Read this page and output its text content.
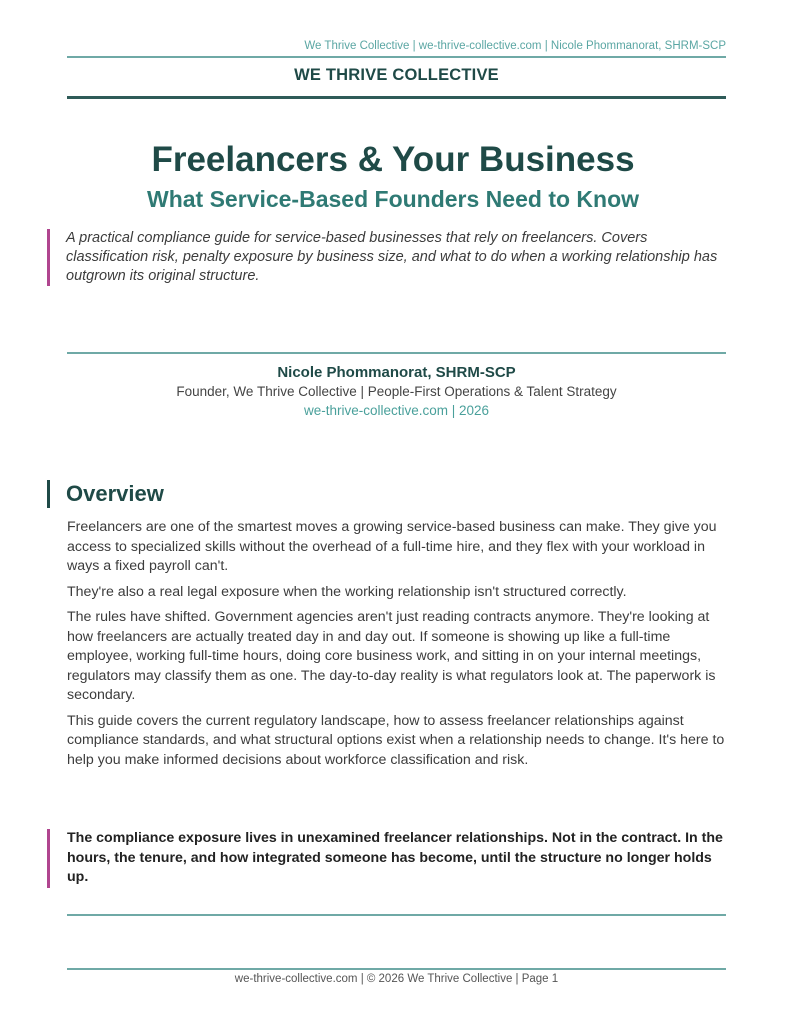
We Thrive Collective | we-thrive-collective.com | Nicole Phommanorat, SHRM-SCP
WE THRIVE COLLECTIVE
Freelancers & Your Business
What Service-Based Founders Need to Know
A practical compliance guide for service-based businesses that rely on freelancers. Covers classification risk, penalty exposure by business size, and what to do when a working relationship has outgrown its original structure.
Nicole Phommanorat, SHRM-SCP
Founder, We Thrive Collective | People-First Operations & Talent Strategy
we-thrive-collective.com | 2026
Overview

Freelancers are one of the smartest moves a growing service-based business can make. They give you access to specialized skills without the overhead of a full-time hire, and they flex with your workload in ways a fixed payroll can't.

They're also a real legal exposure when the working relationship isn't structured correctly.

The rules have shifted. Government agencies aren't just reading contracts anymore. They're looking at how freelancers are actually treated day in and day out. If someone is showing up like a full-time employee, working full-time hours, doing core business work, and sitting in on your internal meetings, regulators may classify them as one. The day-to-day reality is what regulators look at. The paperwork is secondary.

This guide covers the current regulatory landscape, how to assess freelancer relationships against compliance standards, and what structural options exist when a relationship needs to change. It's here to help you make informed decisions about workforce classification and risk.

The compliance exposure lives in unexamined freelancer relationships. Not in the contract. In the hours, the tenure, and how integrated someone has become, until the structure no longer holds up.
we-thrive-collective.com | © 2026 We Thrive Collective | Page 1
